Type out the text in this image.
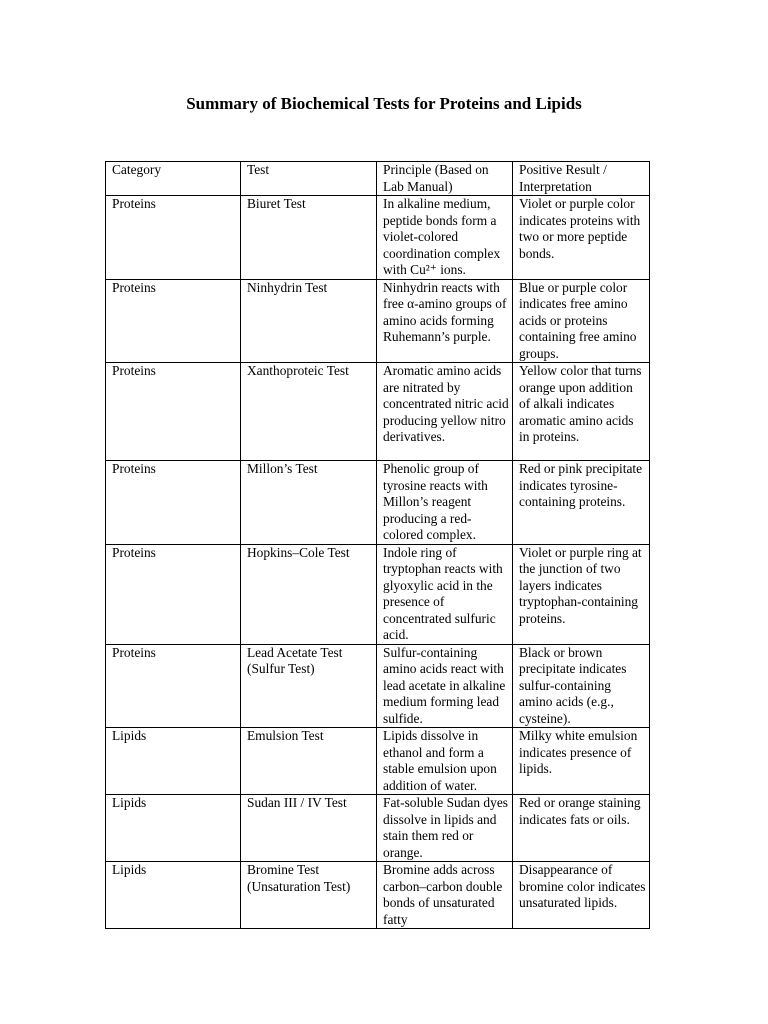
Summary of Biochemical Tests for Proteins and Lipids
Category	Test	Principle (Based on Lab Manual)	Positive Result / Interpretation
Proteins	Biuret Test	In alkaline medium, peptide bonds form a violet-colored coordination complex with Cu²⁺ ions.	Violet or purple color indicates proteins with two or more peptide bonds.
Proteins	Ninhydrin Test	Ninhydrin reacts with free α-amino groups of amino acids forming Ruhemann’s purple.	Blue or purple color indicates free amino acids or proteins containing free amino groups.
Proteins	Xanthoproteic Test	Aromatic amino acids are nitrated by concentrated nitric acid producing yellow nitro derivatives.	Yellow color that turns orange upon addition of alkali indicates aromatic amino acids in proteins.
Proteins	Millon’s Test	Phenolic group of tyrosine reacts with Millon’s reagent producing a red-colored complex.	Red or pink precipitate indicates tyrosine-containing proteins.
Proteins	Hopkins–Cole Test	Indole ring of tryptophan reacts with glyoxylic acid in the presence of concentrated sulfuric acid.	Violet or purple ring at the junction of two layers indicates tryptophan-containing proteins.
Proteins	Lead Acetate Test (Sulfur Test)	Sulfur-containing amino acids react with lead acetate in alkaline medium forming lead sulfide.	Black or brown precipitate indicates sulfur-containing amino acids (e.g., cysteine).
Lipids	Emulsion Test	Lipids dissolve in ethanol and form a stable emulsion upon addition of water.	Milky white emulsion indicates presence of lipids.
Lipids	Sudan III / IV Test	Fat-soluble Sudan dyes dissolve in lipids and stain them red or orange.	Red or orange staining indicates fats or oils.
Lipids	Bromine Test (Unsaturation Test)	Bromine adds across carbon–carbon double bonds of unsaturated fatty	Disappearance of bromine color indicates unsaturated lipids.
